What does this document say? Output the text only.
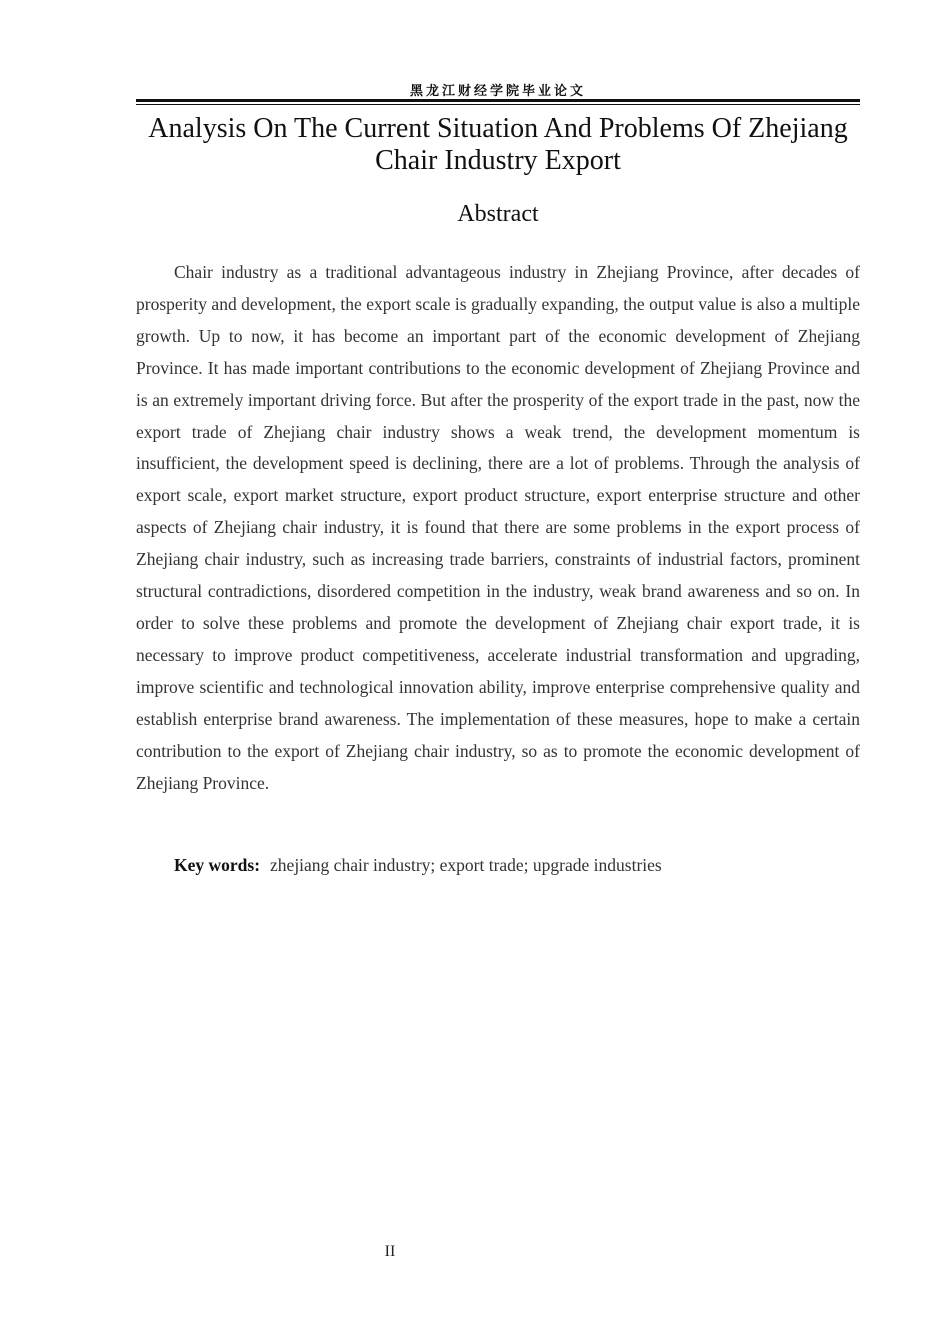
黑龙江财经学院毕业论文
Analysis On The Current Situation And Problems Of Zhejiang Chair Industry Export
Abstract

Chair industry as a traditional advantageous industry in Zhejiang Province, after decades of prosperity and development, the export scale is gradually expanding, the output value is also a multiple growth. Up to now, it has become an important part of the economic development of Zhejiang Province. It has made important contributions to the economic development of Zhejiang Province and is an extremely important driving force. But after the prosperity of the export trade in the past, now the export trade of Zhejiang chair industry shows a weak trend, the development momentum is insufficient, the development speed is declining, there are a lot of problems. Through the analysis of export scale, export market structure, export product structure, export enterprise structure and other aspects of Zhejiang chair industry, it is found that there are some problems in the export process of Zhejiang chair industry, such as increasing trade barriers, constraints of industrial factors, prominent structural contradictions, disordered competition in the industry, weak brand awareness and so on. In order to solve these problems and promote the development of Zhejiang chair export trade, it is necessary to improve product competitiveness, accelerate industrial transformation and upgrading, improve scientific and technological innovation ability, improve enterprise comprehensive quality and establish enterprise brand awareness. The implementation of these measures, hope to make a certain contribution to the export of Zhejiang chair industry, so as to promote the economic development of Zhejiang Province.

Key words: zhejiang chair industry; export trade; upgrade industries

II
